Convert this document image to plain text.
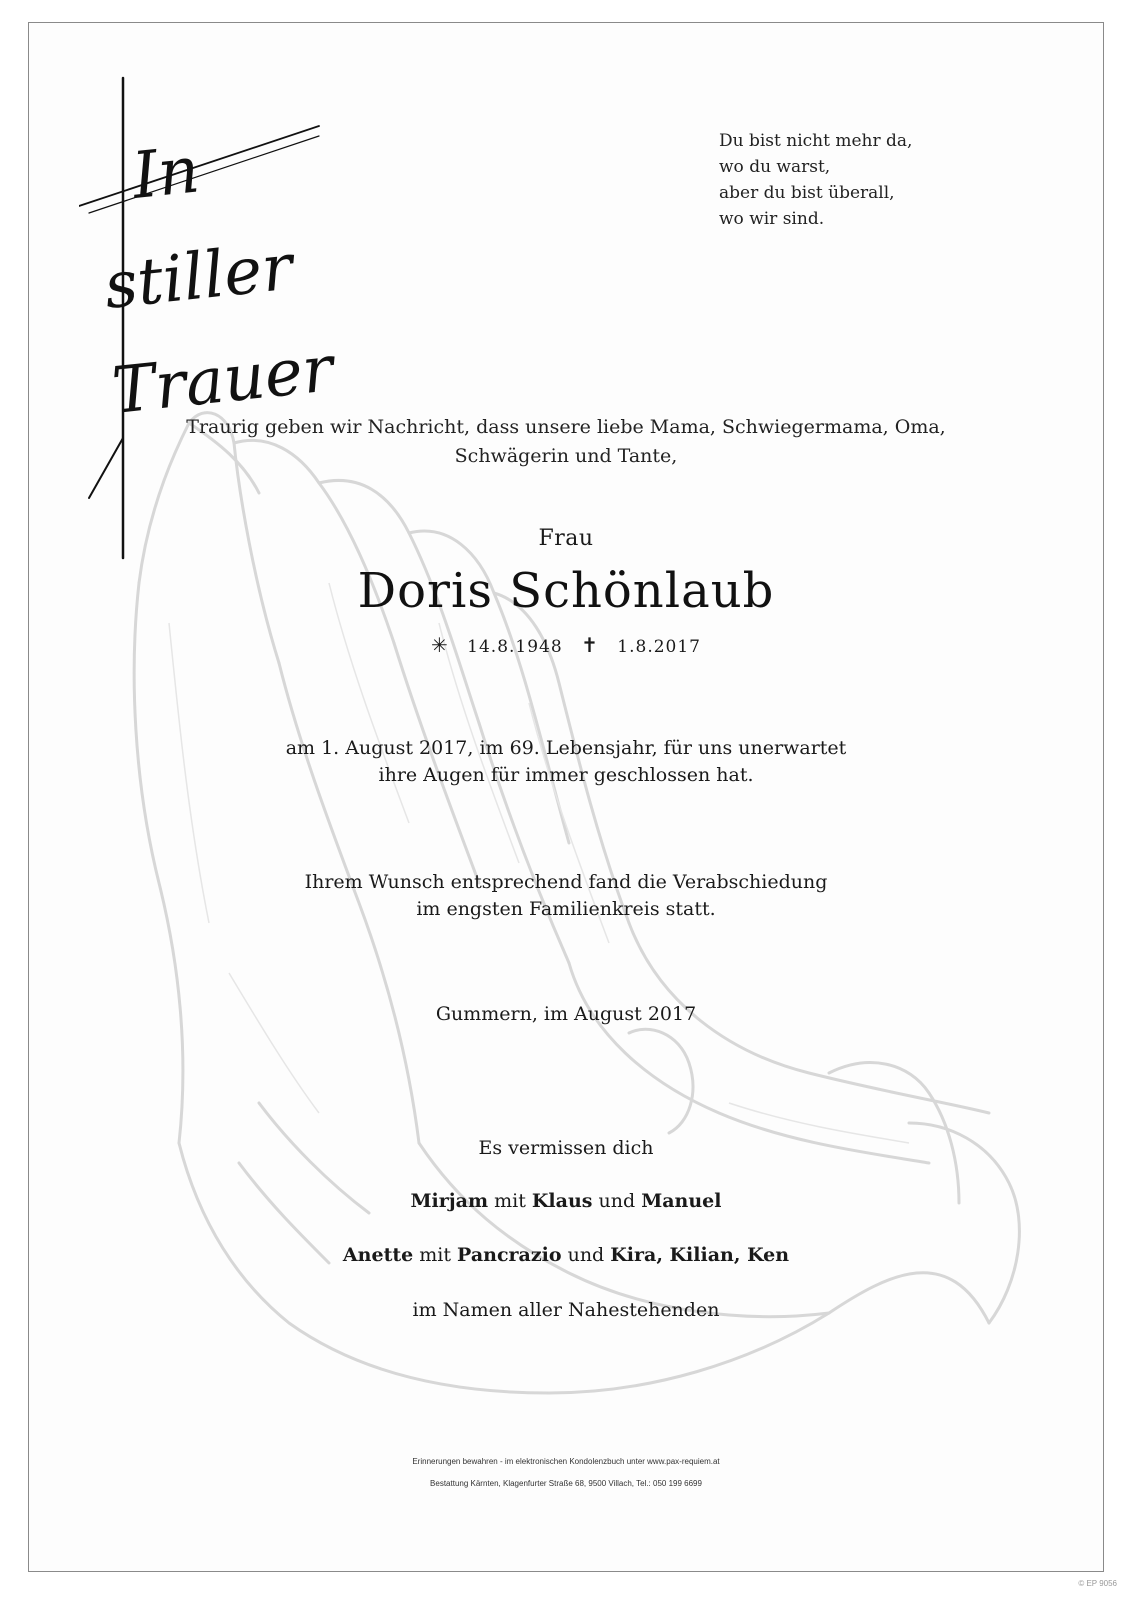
In
stiller
Trauer
Du bist nicht mehr da,
wo du warst,
aber du bist überall,
wo wir sind.
Traurig geben wir Nachricht, dass unsere liebe Mama, Schwiegermama, Oma,
Schwägerin und Tante,
Frau
Doris Schönlaub
✳ 14.8.1948 ✝ 1.8.2017
am 1. August 2017, im 69. Lebensjahr, für uns unerwartet
ihre Augen für immer geschlossen hat.
Ihrem Wunsch entsprechend fand die Verabschiedung
im engsten Familienkreis statt.
Gummern, im August 2017
Es vermissen dich
Mirjam mit Klaus und Manuel
Anette mit Pancrazio und Kira, Kilian, Ken
im Namen aller Nahestehenden
Erinnerungen bewahren - im elektronischen Kondolenzbuch unter www.pax-requiem.at
Bestattung Kärnten, Klagenfurter Straße 68, 9500 Villach, Tel.: 050 199 6699
© EP 9056
